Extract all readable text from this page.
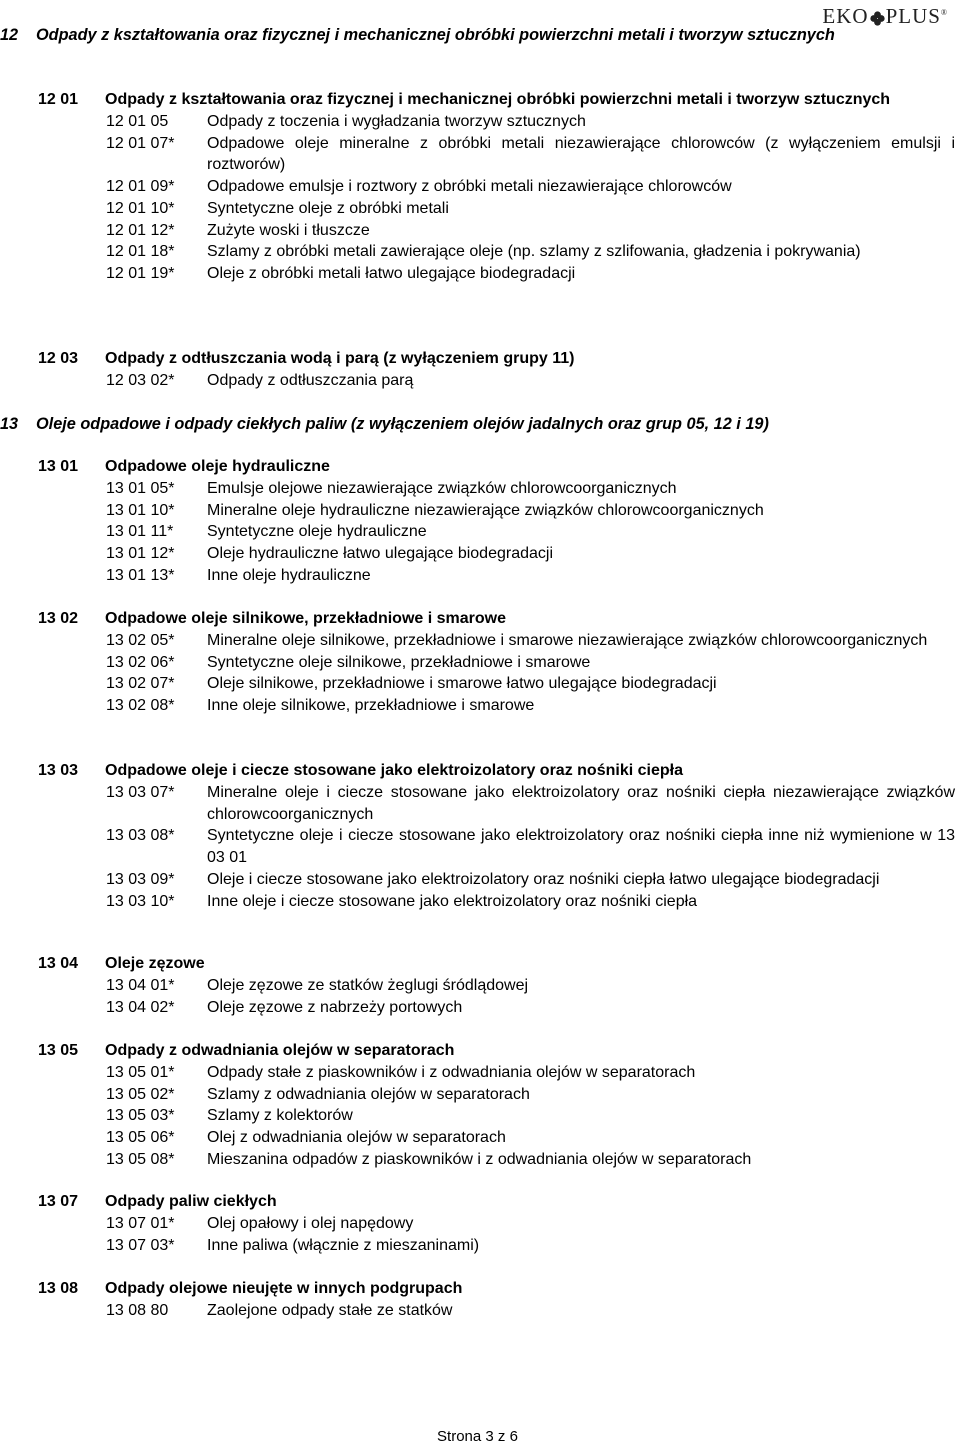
EKO PLUS®
12	Odpady z kształtowania oraz fizycznej i mechanicznej obróbki powierzchni metali i tworzyw sztucznych
12 01	Odpady z kształtowania oraz fizycznej i mechanicznej obróbki powierzchni metali i tworzyw sztucznych
12 01 05 Odpady z toczenia i wygładzania tworzyw sztucznych
12 01 07* Odpadowe oleje mineralne z obróbki metali niezawierające chlorowców (z wyłączeniem emulsji i roztworów)
12 01 09* Odpadowe emulsje i roztwory z obróbki metali niezawierające chlorowców
12 01 10* Syntetyczne oleje z obróbki metali
12 01 12* Zużyte woski i tłuszcze
12 01 18* Szlamy z obróbki metali zawierające oleje (np. szlamy z szlifowania, gładzenia i pokrywania)
12 01 19* Oleje z obróbki metali łatwo ulegające biodegradacji
12 03	Odpady z odtłuszczania wodą i parą (z wyłączeniem grupy 11)
12 03 02* Odpady z odtłuszczania parą
13	Oleje odpadowe i odpady ciekłych paliw (z wyłączeniem olejów jadalnych oraz grup 05, 12 i 19)
13 01	Odpadowe oleje hydrauliczne
13 01 05* Emulsje olejowe niezawierające związków chlorowcoorganicznych
13 01 10* Mineralne oleje hydrauliczne niezawierające związków chlorowcoorganicznych
13 01 11* Syntetyczne oleje hydrauliczne
13 01 12* Oleje hydrauliczne łatwo ulegające biodegradacji
13 01 13* Inne oleje hydrauliczne
13 02	Odpadowe oleje silnikowe, przekładniowe i smarowe
13 02 05* Mineralne oleje silnikowe, przekładniowe i smarowe niezawierające związków chlorowcoorganicznych
13 02 06* Syntetyczne oleje silnikowe, przekładniowe i smarowe
13 02 07* Oleje silnikowe, przekładniowe i smarowe łatwo ulegające biodegradacji
13 02 08* Inne oleje silnikowe, przekładniowe i smarowe
13 03	Odpadowe oleje i ciecze stosowane jako elektroizolatory oraz nośniki ciepła
13 03 07* Mineralne oleje i ciecze stosowane jako elektroizolatory oraz nośniki ciepła niezawierające związków chlorowcoorganicznych
13 03 08* Syntetyczne oleje i ciecze stosowane jako elektroizolatory oraz nośniki ciepła inne niż wymienione w 13 03 01
13 03 09* Oleje i ciecze stosowane jako elektroizolatory oraz nośniki ciepła łatwo ulegające biodegradacji
13 03 10* Inne oleje i ciecze stosowane jako elektroizolatory oraz nośniki ciepła
13 04	Oleje zęzowe
13 04 01* Oleje zęzowe ze statków żeglugi śródlądowej
13 04 02* Oleje zęzowe z nabrzeży portowych
13 05	Odpady z odwadniania olejów w separatorach
13 05 01* Odpady stałe z piaskowników i z odwadniania olejów w separatorach
13 05 02* Szlamy z odwadniania olejów w separatorach
13 05 03* Szlamy z kolektorów
13 05 06* Olej z odwadniania olejów w separatorach
13 05 08* Mieszanina odpadów z piaskowników i z odwadniania olejów w separatorach
13 07	Odpady paliw ciekłych
13 07 01* Olej opałowy i olej napędowy
13 07 03* Inne paliwa (włącznie z mieszaninami)
13 08	Odpady olejowe nieujęte w innych podgrupach
13 08 80 Zaolejone odpady stałe ze statków
Strona 3 z 6
